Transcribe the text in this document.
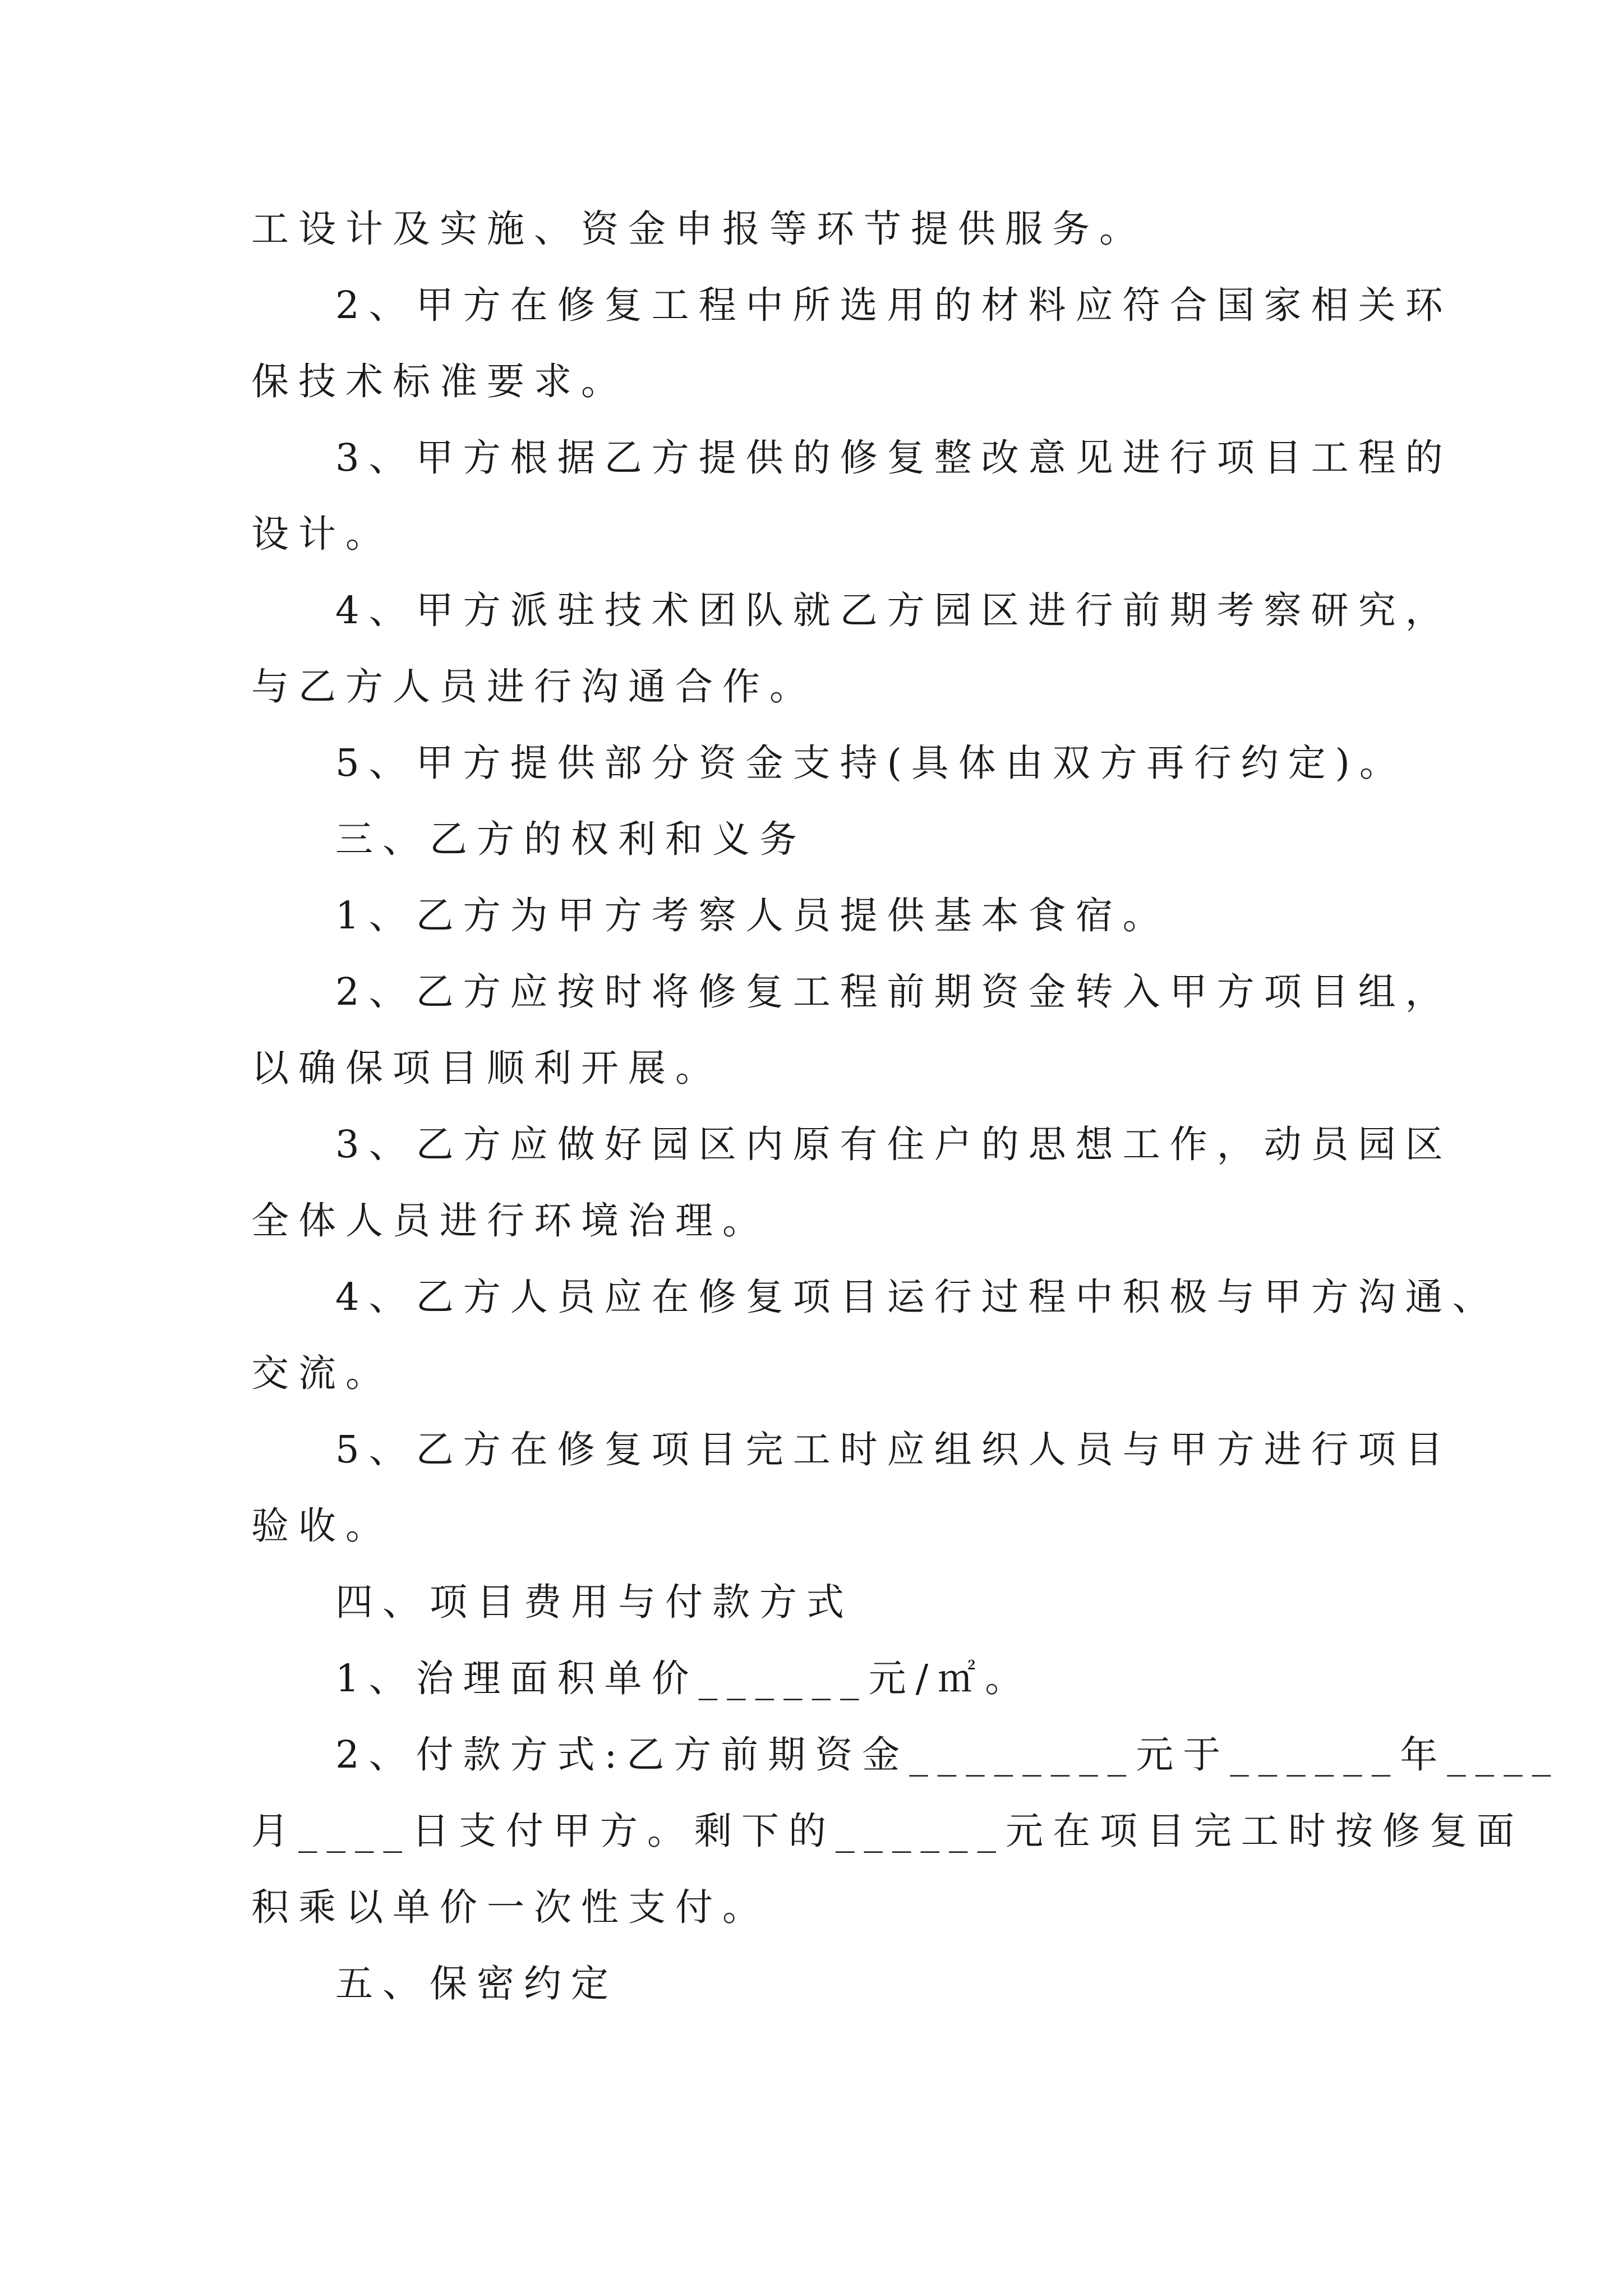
工设计及实施、资金申报等环节提供服务。
2、甲方在修复工程中所选用的材料应符合国家相关环
保技术标准要求。
3、甲方根据乙方提供的修复整改意见进行项目工程的
设计。
4、甲方派驻技术团队就乙方园区进行前期考察研究，
与乙方人员进行沟通合作。
5、甲方提供部分资金支持(具体由双方再行约定)。
三、乙方的权利和义务
1、乙方为甲方考察人员提供基本食宿。
2、乙方应按时将修复工程前期资金转入甲方项目组，
以确保项目顺利开展。
3、乙方应做好园区内原有住户的思想工作，动员园区
全体人员进行环境治理。
4、乙方人员应在修复项目运行过程中积极与甲方沟通、
交流。
5、乙方在修复项目完工时应组织人员与甲方进行项目
验收。
四、项目费用与付款方式
1、治理面积单价______元/㎡。
2、付款方式:乙方前期资金________元于______年____
月____日支付甲方。剩下的______元在项目完工时按修复面
积乘以单价一次性支付。
五、保密约定
